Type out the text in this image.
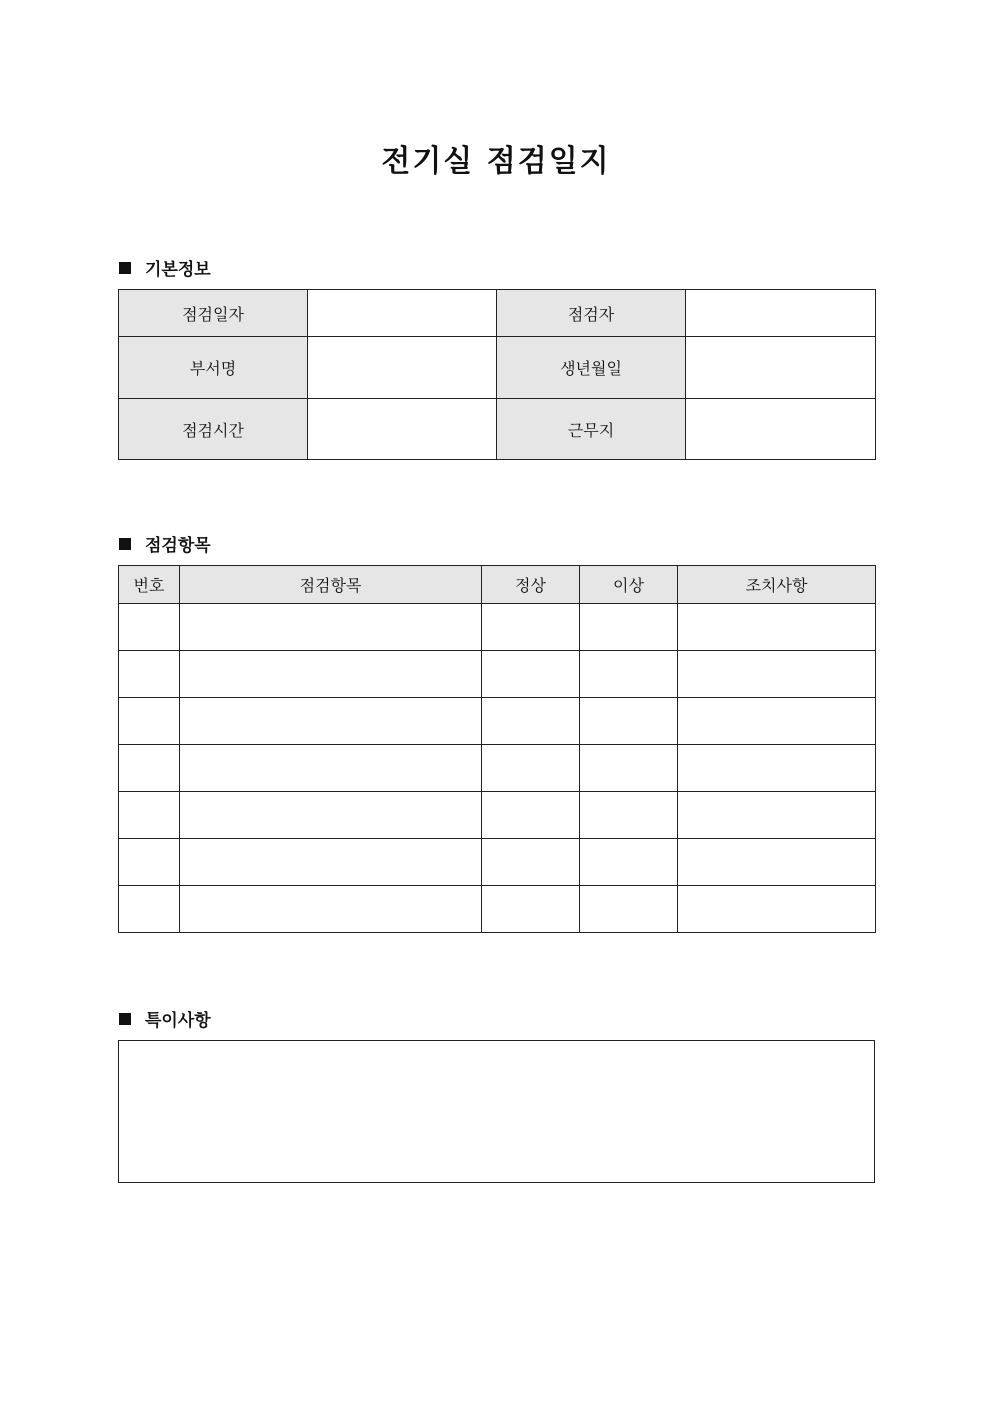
전기실 점검일지
기본정보
점검일자		점검자	
부서명		생년월일	
점검시간		근무지	
점검항목
번호	점검항목	정상	이상	조치사항

특이사항
